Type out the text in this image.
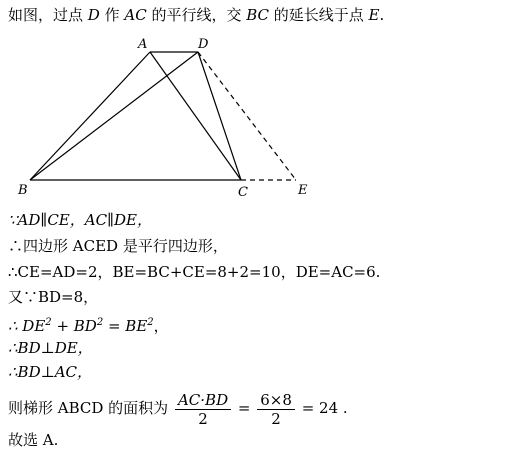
如图，过点 D 作 AC 的平行线，交 BC 的延长线于点 E.
A	D
B	C	E
∵AD∥CE，AC∥DE，
∴四边形 ACED 是平行四边形，
∴CE=AD=2，BE=BC+CE=8+2=10，DE=AC=6.
又∵BD=8，
∴ $DE^2 + BD^2 = BE^2$，
∴BD⊥DE，
∴BD⊥AC，
则梯形 ABCD 的面积为 $\frac{AC\cdot BD}{2} = \frac{6\times 8}{2} = 24$ .
故选 A.
